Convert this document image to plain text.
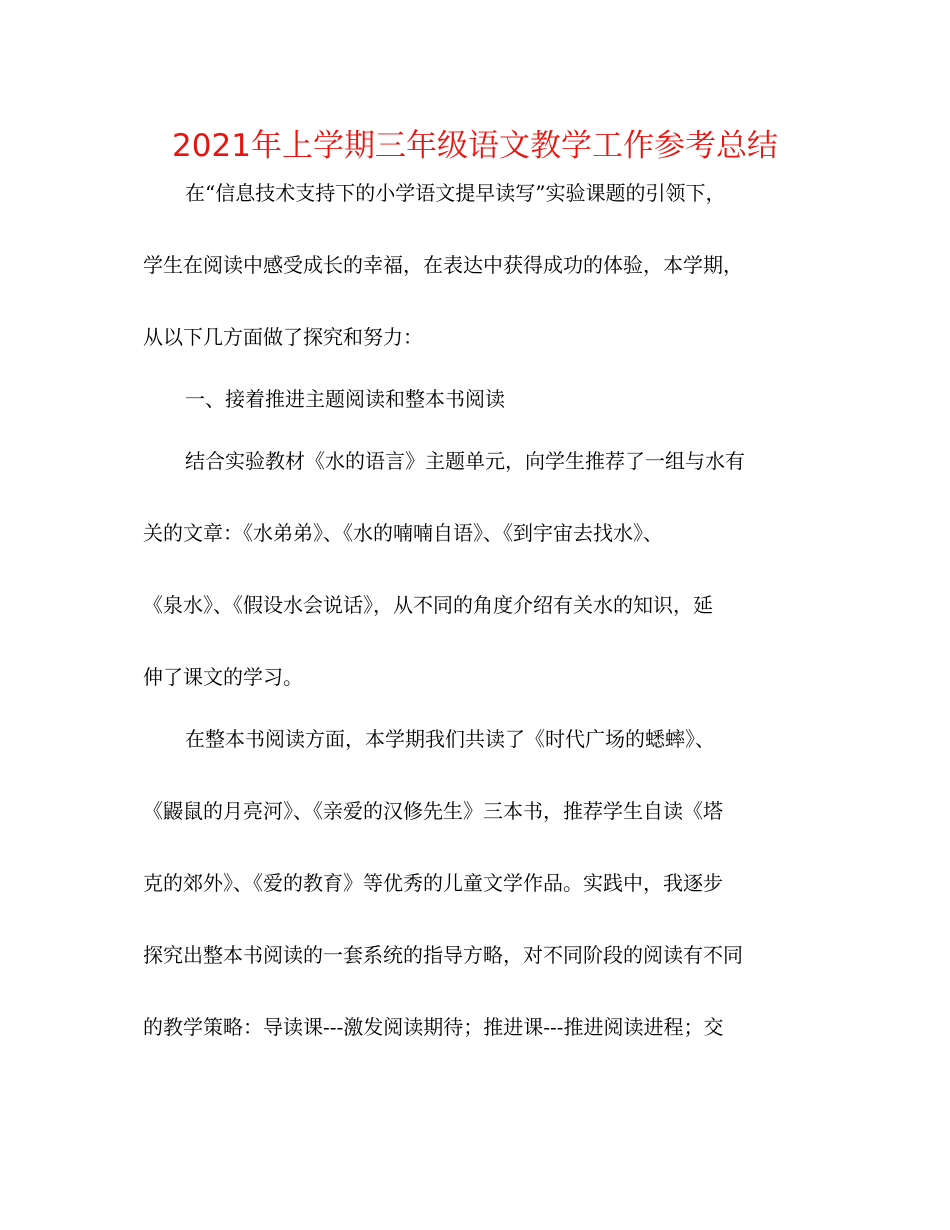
2021年上学期三年级语文教学工作参考总结
在“信息技术支持下的小学语文提早读写”实验课题的引领下，
学生在阅读中感受成长的幸福，在表达中获得成功的体验，本学期，
从以下几方面做了探究和努力：
一、接着推进主题阅读和整本书阅读
结合实验教材《水的语言》主题单元，向学生推荐了一组与水有
关的文章：《水弟弟》、《水的喃喃自语》、《到宇宙去找水》、
《泉水》、《假设水会说话》，从不同的角度介绍有关水的知识，延
伸了课文的学习。
在整本书阅读方面，本学期我们共读了《时代广场的蟋蟀》、
《鼹鼠的月亮河》、《亲爱的汉修先生》三本书，推荐学生自读《塔
克的郊外》、《爱的教育》等优秀的儿童文学作品。实践中，我逐步
探究出整本书阅读的一套系统的指导方略，对不同阶段的阅读有不同
的教学策略：导读课---激发阅读期待；推进课---推进阅读进程；交
